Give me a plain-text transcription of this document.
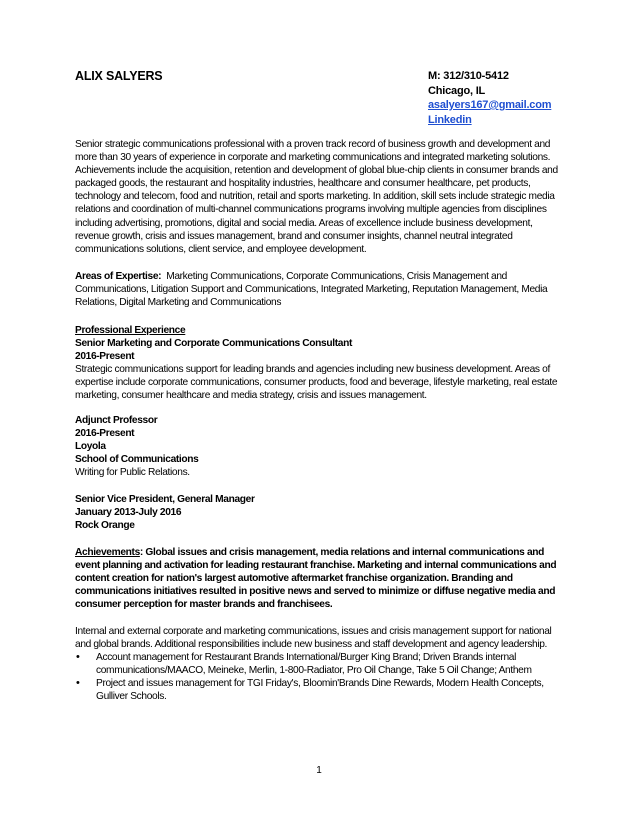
ALIX SALYERS	M: 312/310-5412
Chicago, IL
asalyers167@gmail.com
Linkedin
Senior strategic communications professional with a proven track record of business growth and development and more than 30 years of experience in corporate and marketing communications and integrated marketing solutions. Achievements include the acquisition, retention and development of global blue-chip clients in consumer brands and packaged goods, the restaurant and hospitality industries, healthcare and consumer healthcare, pet products, technology and telecom, food and nutrition, retail and sports marketing. In addition, skill sets include strategic media relations and coordination of multi-channel communications programs involving multiple agencies from disciplines including advertising, promotions, digital and social media. Areas of excellence include business development, revenue growth, crisis and issues management, brand and consumer insights, channel neutral integrated communications solutions, client service, and employee development.
Areas of Expertise: Marketing Communications, Corporate Communications, Crisis Management and Communications, Litigation Support and Communications, Integrated Marketing, Reputation Management, Media Relations, Digital Marketing and Communications
Professional Experience
Senior Marketing and Corporate Communications Consultant
2016-Present
Strategic communications support for leading brands and agencies including new business development. Areas of expertise include corporate communications, consumer products, food and beverage, lifestyle marketing, real estate marketing, consumer healthcare and media strategy, crisis and issues management.
Adjunct Professor
2016-Present
Loyola
School of Communications
Writing for Public Relations.
Senior Vice President, General Manager
January 2013-July 2016
Rock Orange
Achievements: Global issues and crisis management, media relations and internal communications and event planning and activation for leading restaurant franchise. Marketing and internal communications and content creation for nation's largest automotive aftermarket franchise organization. Branding and communications initiatives resulted in positive news and served to minimize or diffuse negative media and consumer perception for master brands and franchisees.
Internal and external corporate and marketing communications, issues and crisis management support for national and global brands. Additional responsibilities include new business and staff development and agency leadership.
• Account management for Restaurant Brands International/Burger King Brand; Driven Brands internal communications/MAACO, Meineke, Merlin, 1-800-Radiator, Pro Oil Change, Take 5 Oil Change; Anthem
• Project and issues management for TGI Friday's, Bloomin'Brands Dine Rewards, Modern Health Concepts, Gulliver Schools.
1
